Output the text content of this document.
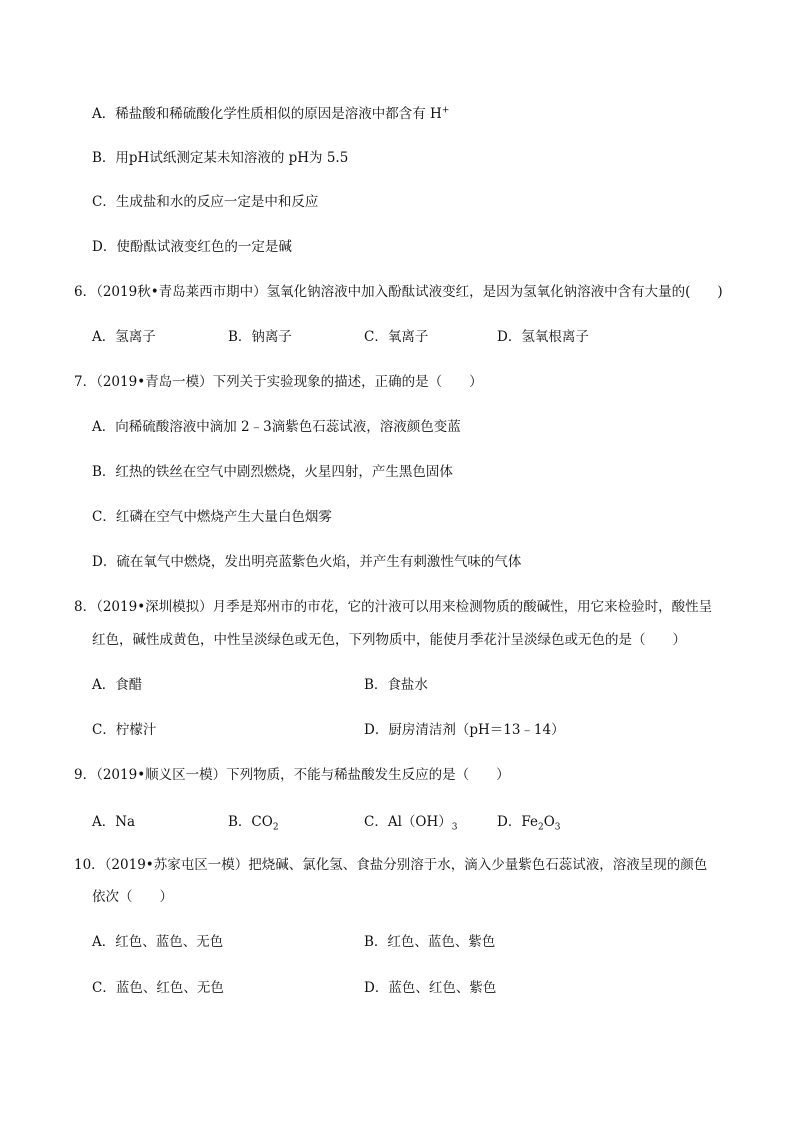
A．稀盐酸和稀硫酸化学性质相似的原因是溶液中都含有 H+
B．用pH试纸测定某未知溶液的 pH为 5.5
C．生成盐和水的反应一定是中和反应
D．使酚酞试液变红色的一定是碱
6．（2019秋•青岛莱西市期中）氢氧化钠溶液中加入酚酞试液变红，是因为氢氧化钠溶液中含有大量的(　　)
A．氢离子	B．钠离子	C．氧离子	D．氢氧根离子
7．（2019•青岛一模）下列关于实验现象的描述，正确的是（　　）
A．向稀硫酸溶液中滴加 2﹣3滴紫色石蕊试液，溶液颜色变蓝
B．红热的铁丝在空气中剧烈燃烧，火星四射，产生黑色固体
C．红磷在空气中燃烧产生大量白色烟雾
D．硫在氧气中燃烧，发出明亮蓝紫色火焰，并产生有刺激性气味的气体
8．（2019•深圳模拟）月季是郑州市的市花，它的汁液可以用来检测物质的酸碱性，用它来检验时，酸性呈
红色，碱性成黄色，中性呈淡绿色或无色，下列物质中，能使月季花汁呈淡绿色或无色的是（　　）
A．食醋	B．食盐水
C．柠檬汁	D．厨房清洁剂（pH＝13﹣14）
9．（2019•顺义区一模）下列物质，不能与稀盐酸发生反应的是（　　）
A．Na	B．$CO_2$	C．$Al(OH)_3$	D．$Fe_2O_3$
10．（2019•苏家屯区一模）把烧碱、氯化氢、食盐分别溶于水，滴入少量紫色石蕊试液，溶液呈现的颜色
依次（　　）
A．红色、蓝色、无色	B．红色、蓝色、紫色
C．蓝色、红色、无色	D．蓝色、红色、紫色
